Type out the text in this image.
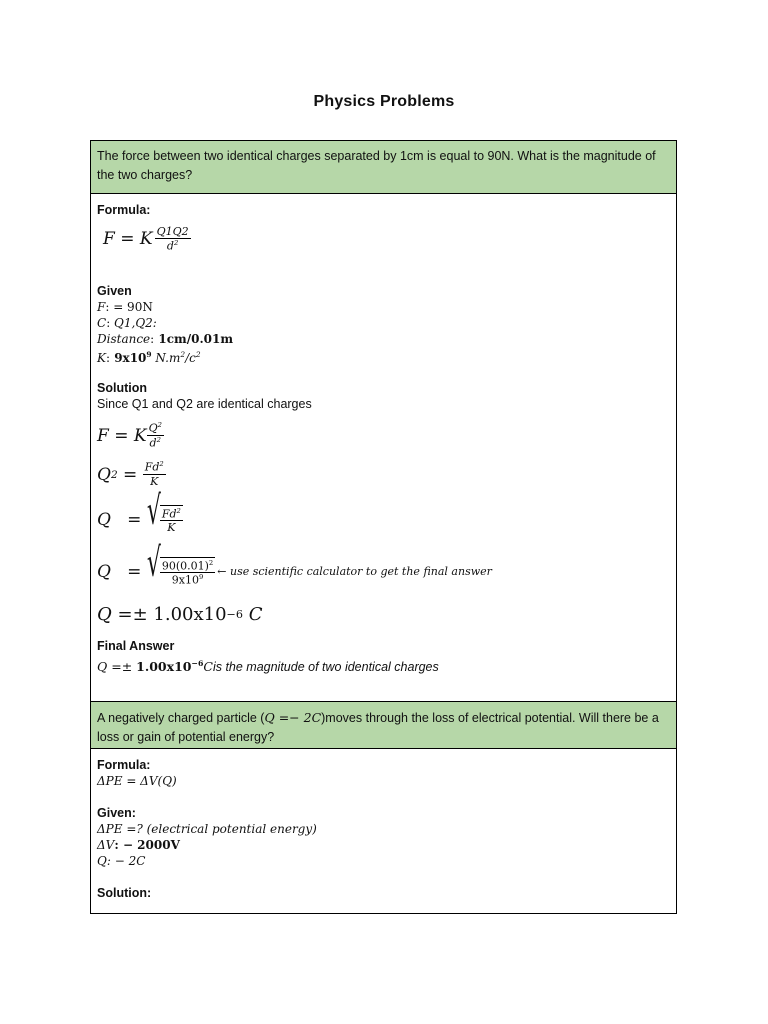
Physics Problems
The force between two identical charges separated by 1cm is equal to 90N. What is the magnitude of the two charges?
Formula:
F
=
K $\frac{Q1Q2}{d^2}$
Given
F: = 90N
C: Q1,Q2:
Distance: 1cm/0.01m
K: $9x10^9$ $N.m^2/c^2$
Solution
Since Q1 and Q2 are identical charges
F
=
K $\frac{Q^2}{d^2}$
Q 2
=
$\frac{Fd^2}{K}$
Q
=
√ $\frac{Fd^2}{K}$
Q
=
√ $\frac{90(0.01)^2}{9x10^9}$ ← use scientific calculator to get the final answer
Q
=±
1.00x10 −6
C
Final Answer
$Q =\pm 1.00x10^{-6}Cis$ the magnitude of two identical charges
A negatively charged particle (Q =− 2C)moves through the loss of electrical potential. Will there be a loss or gain of potential energy?
Formula:
ΔPE = ΔV(Q)
Given:
ΔPE =? (electrical potential energy)
ΔV: − 2000V
Q: − 2C
Solution:
